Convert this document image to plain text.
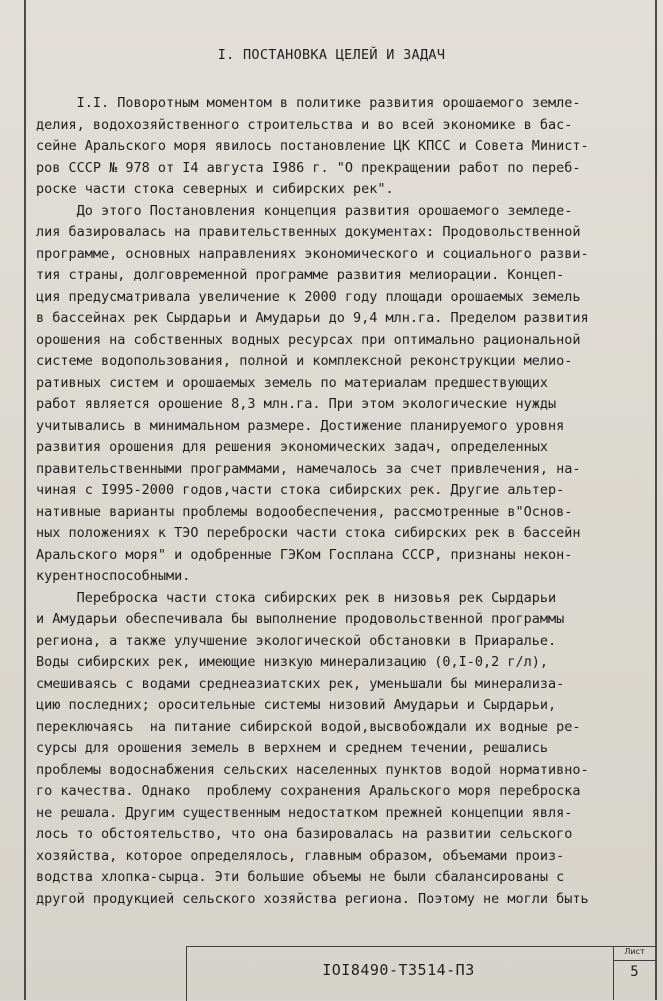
I. ПОСТАНОВКА ЦЕЛЕЙ И ЗАДАЧ
I.I. Поворотным моментом в политике развития орошаемого земле-
делия, водохозяйственного строительства и во всей экономике в бас-
сейне Аральского моря явилось постановление ЦК КПСС и Совета Минист-
ров СССР № 978 от I4 августа I986 г. "О прекращении работ по переб-
роске части стока северных и сибирских рек".
До этого Постановления концепция развития орошаемого земледе-
лия базировалась на правительственных документах: Продовольственной
программе, основных направлениях экономического и социального разви-
тия страны, долговременной программе развития мелиорации. Концеп-
ция предусматривала увеличение к 2000 году площади орошаемых земель
в бассейнах рек Сырдарьи и Амударьи до 9,4 млн.га. Пределом развития
орошения на собственных водных ресурсах при оптимально рациональной
системе водопользования, полной и комплексной реконструкции мелио-
ративных систем и орошаемых земель по материалам предшествующих
работ является орошение 8,3 млн.га. При этом экологические нужды
учитывались в минимальном размере. Достижение планируемого уровня
развития орошения для решения экономических задач, определенных
правительственными программами, намечалось за счет привлечения, на-
чиная с I995-2000 годов,части стока сибирских рек. Другие альтер-
нативные варианты проблемы водообеспечения, рассмотренные в"Основ-
ных положениях к ТЭО переброски части стока сибирских рек в бассейн
Аральского моря" и одобренные ГЭКом Госплана СССР, признаны некон-
курентноспособными.
Переброска части стока сибирских рек в низовья рек Сырдарьи
и Амударьи обеспечивала бы выполнение продовольственной программы
региона, а также улучшение экологической обстановки в Приаралье.
Воды сибирских рек, имеющие низкую минерализацию (0,I-0,2 г/л),
смешиваясь с водами среднеазиатских рек, уменьшали бы минерализа-
цию последних; оросительные системы низовий Амударьи и Сырдарьи,
переключаясь  на питание сибирской водой,высвобождали их водные ре-
сурсы для орошения земель в верхнем и среднем течении, решались
проблемы водоснабжения сельских населенных пунктов водой нормативно-
го качества. Однако  проблему сохранения Аральского моря переброска
не решала. Другим существенным недостатком прежней концепции явля-
лось то обстоятельство, что она базировалась на развитии сельского
хозяйства, которое определялось, главным образом, объемами произ-
водства хлопка-сырца. Эти большие объемы не были сбалансированы с
другой продукцией сельского хозяйства региона. Поэтому не могли быть
IOI8490-Т3514-П3
Лист
5
